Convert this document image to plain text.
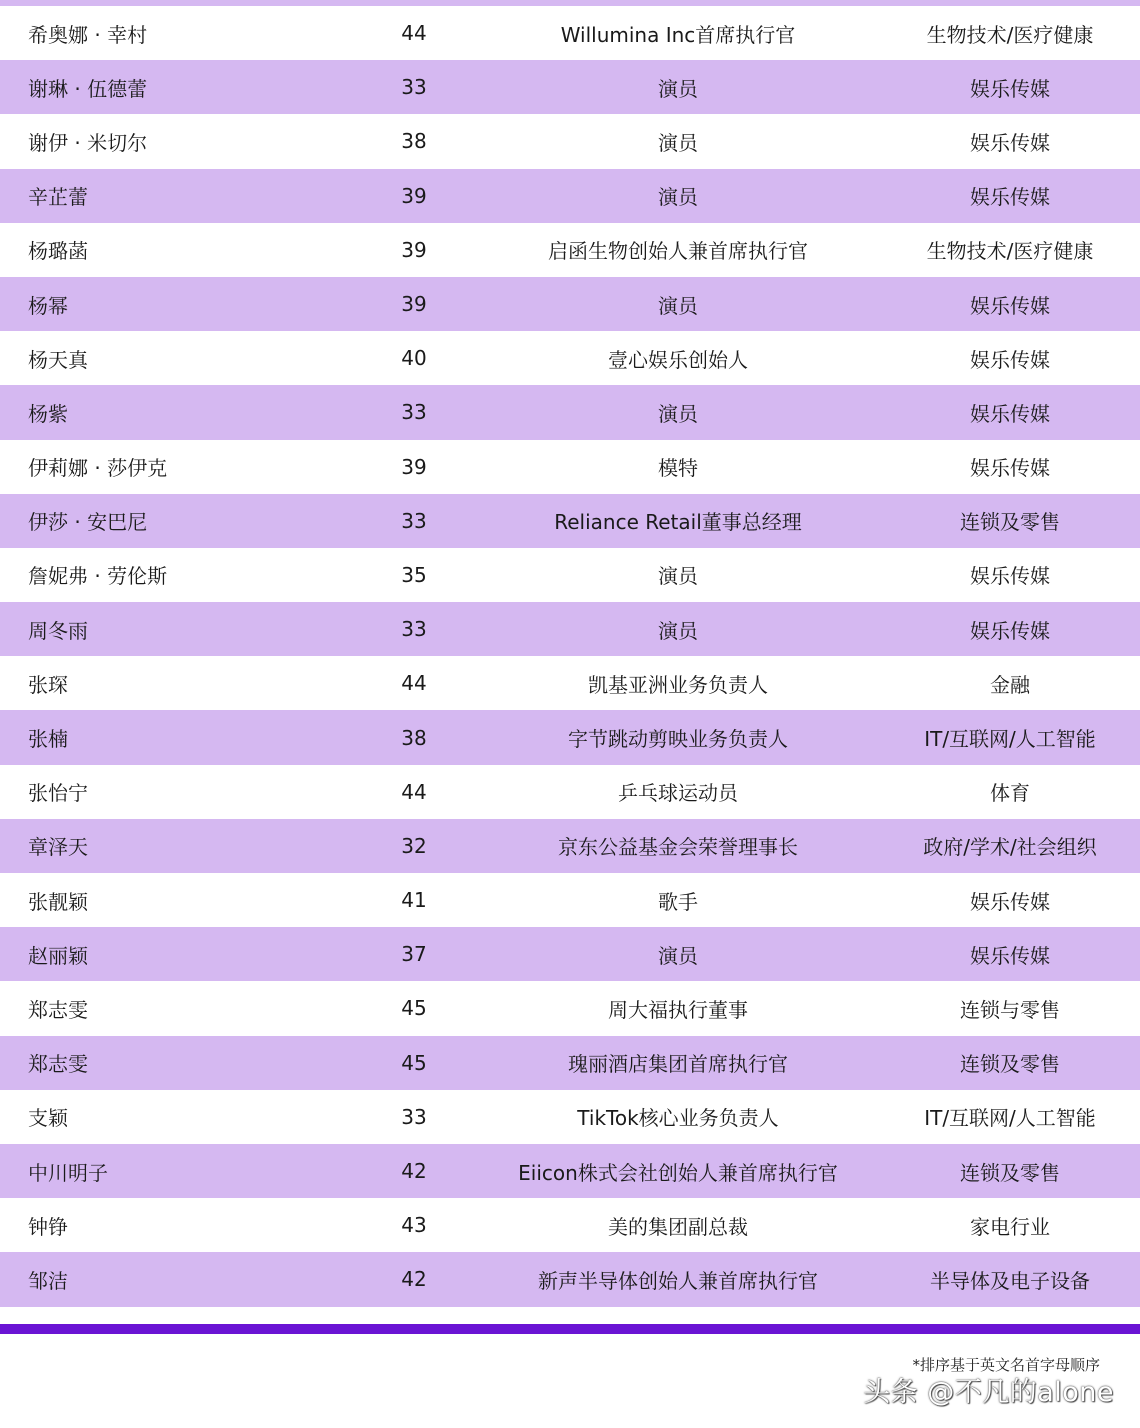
希奥娜 · 幸村	44	Willumina Inc首席执行官	生物技术/医疗健康
谢琳 · 伍德蕾	33	演员	娱乐传媒
谢伊 · 米切尔	38	演员	娱乐传媒
辛芷蕾	39	演员	娱乐传媒
杨璐菡	39	启函生物创始人兼首席执行官	生物技术/医疗健康
杨幂	39	演员	娱乐传媒
杨天真	40	壹心娱乐创始人	娱乐传媒
杨紫	33	演员	娱乐传媒
伊莉娜 · 莎伊克	39	模特	娱乐传媒
伊莎 · 安巴尼	33	Reliance Retail董事总经理	连锁及零售
詹妮弗 · 劳伦斯	35	演员	娱乐传媒
周冬雨	33	演员	娱乐传媒
张琛	44	凯基亚洲业务负责人	金融
张楠	38	字节跳动剪映业务负责人	IT/互联网/人工智能
张怡宁	44	乒乓球运动员	体育
章泽天	32	京东公益基金会荣誉理事长	政府/学术/社会组织
张靓颖	41	歌手	娱乐传媒
赵丽颖	37	演员	娱乐传媒
郑志雯	45	周大福执行董事	连锁与零售
郑志雯	45	瑰丽酒店集团首席执行官	连锁及零售
支颖	33	TikTok核心业务负责人	IT/互联网/人工智能
中川明子	42	Eiicon株式会社创始人兼首席执行官	连锁及零售
钟铮	43	美的集团副总裁	家电行业
邹洁	42	新声半导体创始人兼首席执行官	半导体及电子设备
*排序基于英文名首字母顺序
头条 @不凡的alone
